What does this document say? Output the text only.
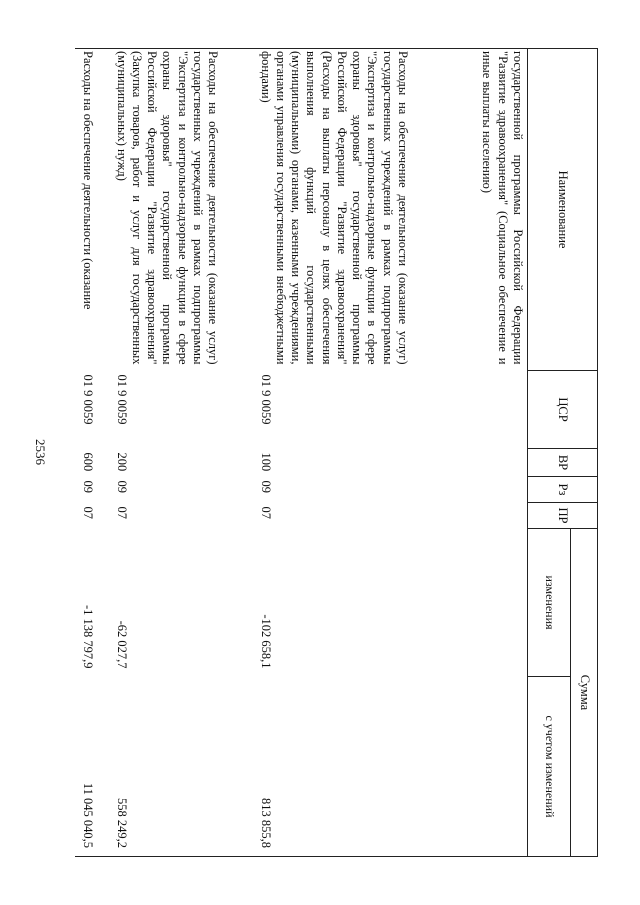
2536
Наименование	ЦСР	ВР	Рз	ПР	Сумма	
					изменения	с учетом изменений
государственной программы Российской Федерации "Развитие здравоохранения" (Социальное обеспечение и иные выплаты населению)						
Расходы на обеспечение деятельности (оказание услуг) государственных учреждений в рамках подпрограммы "Экспертиза и контрольно-надзорные функции в сфере охраны здоровья" государственной программы Российской Федерации "Развитие здравоохранения" (Расходы на выплаты персоналу в целях обеспечения выполнения функций государственными (муниципальными) органами, казенными учреждениями, органами управления государственными внебюджетными фондами)	01 9 0059	100	09	07	-102 658,1	813 855,8
Расходы на обеспечение деятельности (оказание услуг) государственных учреждений в рамках подпрограммы "Экспертиза и контрольно-надзорные функции в сфере охраны здоровья" государственной программы Российской Федерации "Развитие здравоохранения" (Закупка товаров, работ и услуг для государственных (муниципальных) нужд)	01 9 0059	200	09	07	-62 027,7	558 249,2
Расходы на обеспечение деятельности (оказание	01 9 0059	600	09	07	-1 138 797,9	11 045 040,5
